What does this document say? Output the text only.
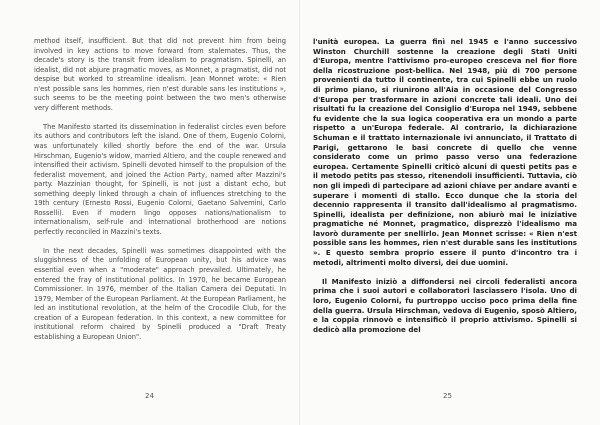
method itself, insufficient. But that did not prevent him from being involved in key actions to move forward from stalemates. Thus, the decade's story is the transit from idealism to pragmatism. Spinelli, an idealist, did not abjure pragmatic moves, as Monnet, a pragmatist, did not despise but worked to streamline idealism. Jean Monnet wrote: « Rien n'est possible sans les hommes, rien n'est durable sans les institutions », such seems to be the meeting point between the two men's otherwise very different methods.

The Manifesto started its dissemination in federalist circles even before its authors and contributors left the island. One of them, Eugenio Colorni, was unfortunately killed shortly before the end of the war. Ursula Hirschman, Eugenio's widow, married Altiero, and the couple renewed and intensified their activism. Spinelli devoted himself to the propulsion of the federalist movement, and joined the Action Party, named after Mazzini's party. Mazzinian thought, for Spinelli, is not just a distant echo, but something deeply linked through a chain of influences stretching to the 19th century (Ernesto Rossi, Eugenio Colorni, Gaetano Salvemini, Carlo Rosselli). Even if modern lingo opposes nations/nationalism to internationalism, self-rule and international brotherhood are notions perfectly reconciled in Mazzini's texts.

In the next decades, Spinelli was sometimes disappointed with the sluggishness of the unfolding of European unity, but his advice was essential even when a "moderate" approach prevailed. Ultimately, he entered the fray of institutional politics. In 1970, he became European Commissioner. In 1976, member of the Italian Camera dei Deputati. In 1979, Member of the European Parliament. At the European Parliament, he led an institutional revolution, at the helm of the Crocodile Club, for the creation of a European federation. In this context, a new committee for institutional reform chaired by Spinelli produced a "Draft Treaty establishing a European Union".

24

l'unità europea. La guerra finì nel 1945 e l'anno successivo Winston Churchill sostenne la creazione degli Stati Uniti d'Europa, mentre l'attivismo pro-europeo cresceva nel fior fiore della ricostruzione post-bellica. Nel 1948, più di 700 persone provenienti da tutto il continente, tra cui Spinelli ebbe un ruolo di primo piano, si riunirono all'Aia in occasione del Congresso d'Europa per trasformare in azioni concrete tali ideali. Uno dei risultati fu la creazione del Consiglio d'Europa nel 1949, sebbene fu evidente che la sua logica cooperativa era un mondo a parte rispetto a un'Europa federale. Al contrario, la dichiarazione Schuman e il trattato internazionale ivi annunciato, il Trattato di Parigi, gettarono le basi concrete di quello che venne considerato come un primo passo verso una federazione europea. Certamente Spinelli criticò alcuni di questi petits pas e il metodo petits pas stesso, ritenendoli insufficienti. Tuttavia, ciò non gli impedì di partecipare ad azioni chiave per andare avanti e superare i momenti di stallo. Ecco dunque che la storia del decennio rappresenta il transito dall'idealismo al pragmatismo. Spinelli, idealista per definizione, non abiurò mai le iniziative pragmatiche né Monnet, pragmatico, disprezzò l'idealismo ma lavorò duramente per snellirlo. Jean Monnet scrisse: « Rien n'est possible sans les hommes, rien n'est durable sans les institutions ». E questo sembra proprio essere il punto d'incontro tra i metodi, altrimenti molto diversi, dei due uomini.

Il Manifesto iniziò a diffondersi nei circoli federalisti ancora prima che i suoi autori e collaboratori lasciassero l'isola. Uno di loro, Eugenio Colorni, fu purtroppo ucciso poco prima della fine della guerra. Ursula Hirschman, vedova di Eugenio, sposò Altiero, e la coppia rinnovò e intensificò il proprio attivismo. Spinelli si dedicò alla promozione del

25
